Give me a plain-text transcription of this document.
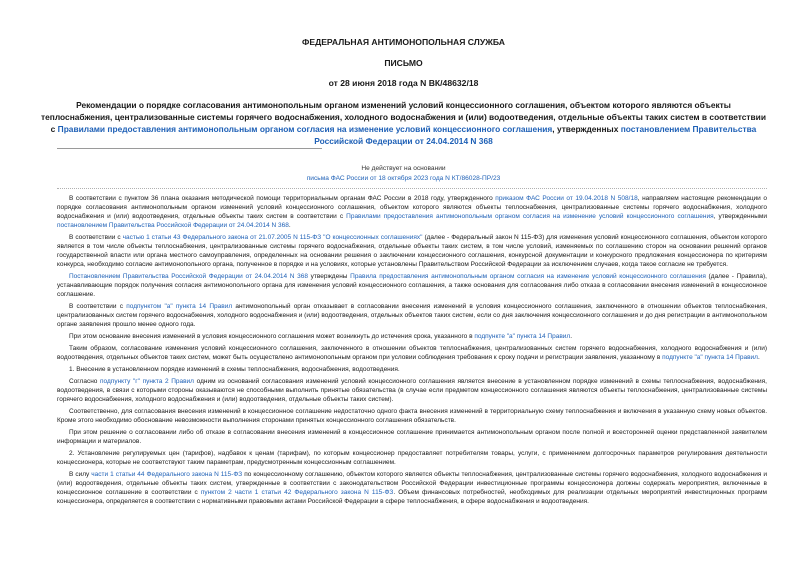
ФЕДЕРАЛЬНАЯ АНТИМОНОПОЛЬНАЯ СЛУЖБА
ПИСЬМО
от 28 июня 2018 года N ВК/48632/18
Рекомендации о порядке согласования антимонопольным органом изменений условий концессионного соглашения, объектом которого являются объекты теплоснабжения, централизованные системы горячего водоснабжения, холодного водоснабжения и (или) водоотведения, отдельные объекты таких систем в соответствии с Правилами предоставления антимонопольным органом согласия на изменение условий концессионного соглашения, утвержденных постановлением Правительства Российской Федерации от 24.04.2014 N 368
Не действует на основании
письма ФАС России от 18 октября 2023 года N КТ/86028-ПР/23

В соответствии с пунктом 36 плана оказания методической помощи территориальным органам ФАС России в 2018 году, утвержденного приказом ФАС России от 19.04.2018 N 508/18, направляем настоящие рекомендации о порядке согласования антимонопольным органом изменений условий концессионного соглашения, объектом которого являются объекты теплоснабжения, централизованные системы горячего водоснабжения, холодного водоснабжения и (или) водоотведения, отдельные объекты таких систем в соответствии с Правилами предоставления антимонопольным органом согласия на изменение условий концессионного соглашения, утвержденными постановлением Правительства Российской Федерации от 24.04.2014 N 368.

В соответствии с частью 1 статьи 43 Федерального закона от 21.07.2005 N 115-ФЗ "О концессионных соглашениях" (далее - Федеральный закон N 115-ФЗ) для изменения условий концессионного соглашения, объектом которого является в том числе объекты теплоснабжения, централизованные системы горячего водоснабжения, отдельные объекты таких систем, в том числе условий, изменяемых по соглашению сторон на основании решений органов государственной власти или органа местного самоуправления, определенных на основании решения о заключении концессионного соглашения, конкурсной документации и конкурсного предложения концессионера по критериям конкурса, необходимо согласие антимонопольного органа, полученное в порядке и на условиях, которые установлены Правительством Российской Федерации за исключением случаев, когда такое согласие не требуется.

Постановлением Правительства Российской Федерации от 24.04.2014 N 368 утверждены Правила предоставления антимонопольным органом согласия на изменение условий концессионного соглашения (далее - Правила), устанавливающие порядок получения согласия антимонопольного органа для изменения условий концессионного соглашения, а также основания для согласования либо отказа в согласовании внесения изменений в концессионное соглашение.

В соответствии с подпунктом "а" пункта 14 Правил антимонопольный орган отказывает в согласовании внесения изменений в условия концессионного соглашения, заключенного в отношении объектов теплоснабжения, централизованных систем горячего водоснабжения, холодного водоснабжения и (или) водоотведения, отдельных объектов таких систем, если со дня заключения концессионного соглашения и до дня регистрации в антимонопольном органе заявления прошло менее одного года.

При этом основание внесения изменений в условия концессионного соглашения может возникнуть до истечения срока, указанного в подпункте "а" пункта 14 Правил.

Таким образом, согласование изменения условий концессионного соглашения, заключенного в отношении объектов теплоснабжения, централизованных систем горячего водоснабжения, холодного водоснабжения и (или) водоотведения, отдельных объектов таких систем, может быть осуществлено антимонопольным органом при условии соблюдения требования к сроку подачи и регистрации заявления, указанному в подпункте "а" пункта 14 Правил.

1. Внесение в установленном порядке изменений в схемы теплоснабжения, водоснабжения, водоотведения.

Согласно подпункту "г" пункта 2 Правил одним из оснований согласования изменений условий концессионного соглашения является внесение в установленном порядке изменений в схемы теплоснабжения, водоснабжения, водоотведения, в связи с которыми стороны оказываются не способными выполнить принятые обязательства (в случае если предметом концессионного соглашения являются объекты теплоснабжения, централизованные системы горячего водоснабжения, холодного водоснабжения и (или) водоотведения, отдельные объекты таких систем).

Соответственно, для согласования внесения изменений в концессионное соглашение недостаточно одного факта внесения изменений в территориальную схему теплоснабжения и включения в указанную схему новых объектов. Кроме этого необходимо обоснование невозможности выполнения сторонами принятых концессионного соглашения обязательств.

При этом решение о согласовании либо об отказе в согласовании внесения изменений в концессионное соглашение принимается антимонопольным органом после полной и всесторонней оценки представленной заявителем информации и материалов.

2. Установление регулируемых цен (тарифов), надбавок к ценам (тарифам), по которым концессионер предоставляет потребителям товары, услуги, с применением долгосрочных параметров регулирования деятельности концессионера, которые не соответствуют таким параметрам, предусмотренным концессионным соглашением.

В силу части 1 статьи 44 Федерального закона N 115-ФЗ по концессионному соглашению, объектом которого является объекты теплоснабжения, централизованные системы горячего водоснабжения, холодного водоснабжения и (или) водоотведения, отдельные объекты таких систем, утвержденные в соответствии с законодательством Российской Федерации инвестиционные программы концессионера должны содержать мероприятия, включенные в концессионное соглашение в соответствии с пунктом 2 части 1 статьи 42 Федерального закона N 115-ФЗ. Объем финансовых потребностей, необходимых для реализации отдельных мероприятий инвестиционных программ концессионера, определяется в соответствии с нормативными правовыми актами Российской Федерации в сфере теплоснабжения, в сфере водоснабжения и водоотведения.
